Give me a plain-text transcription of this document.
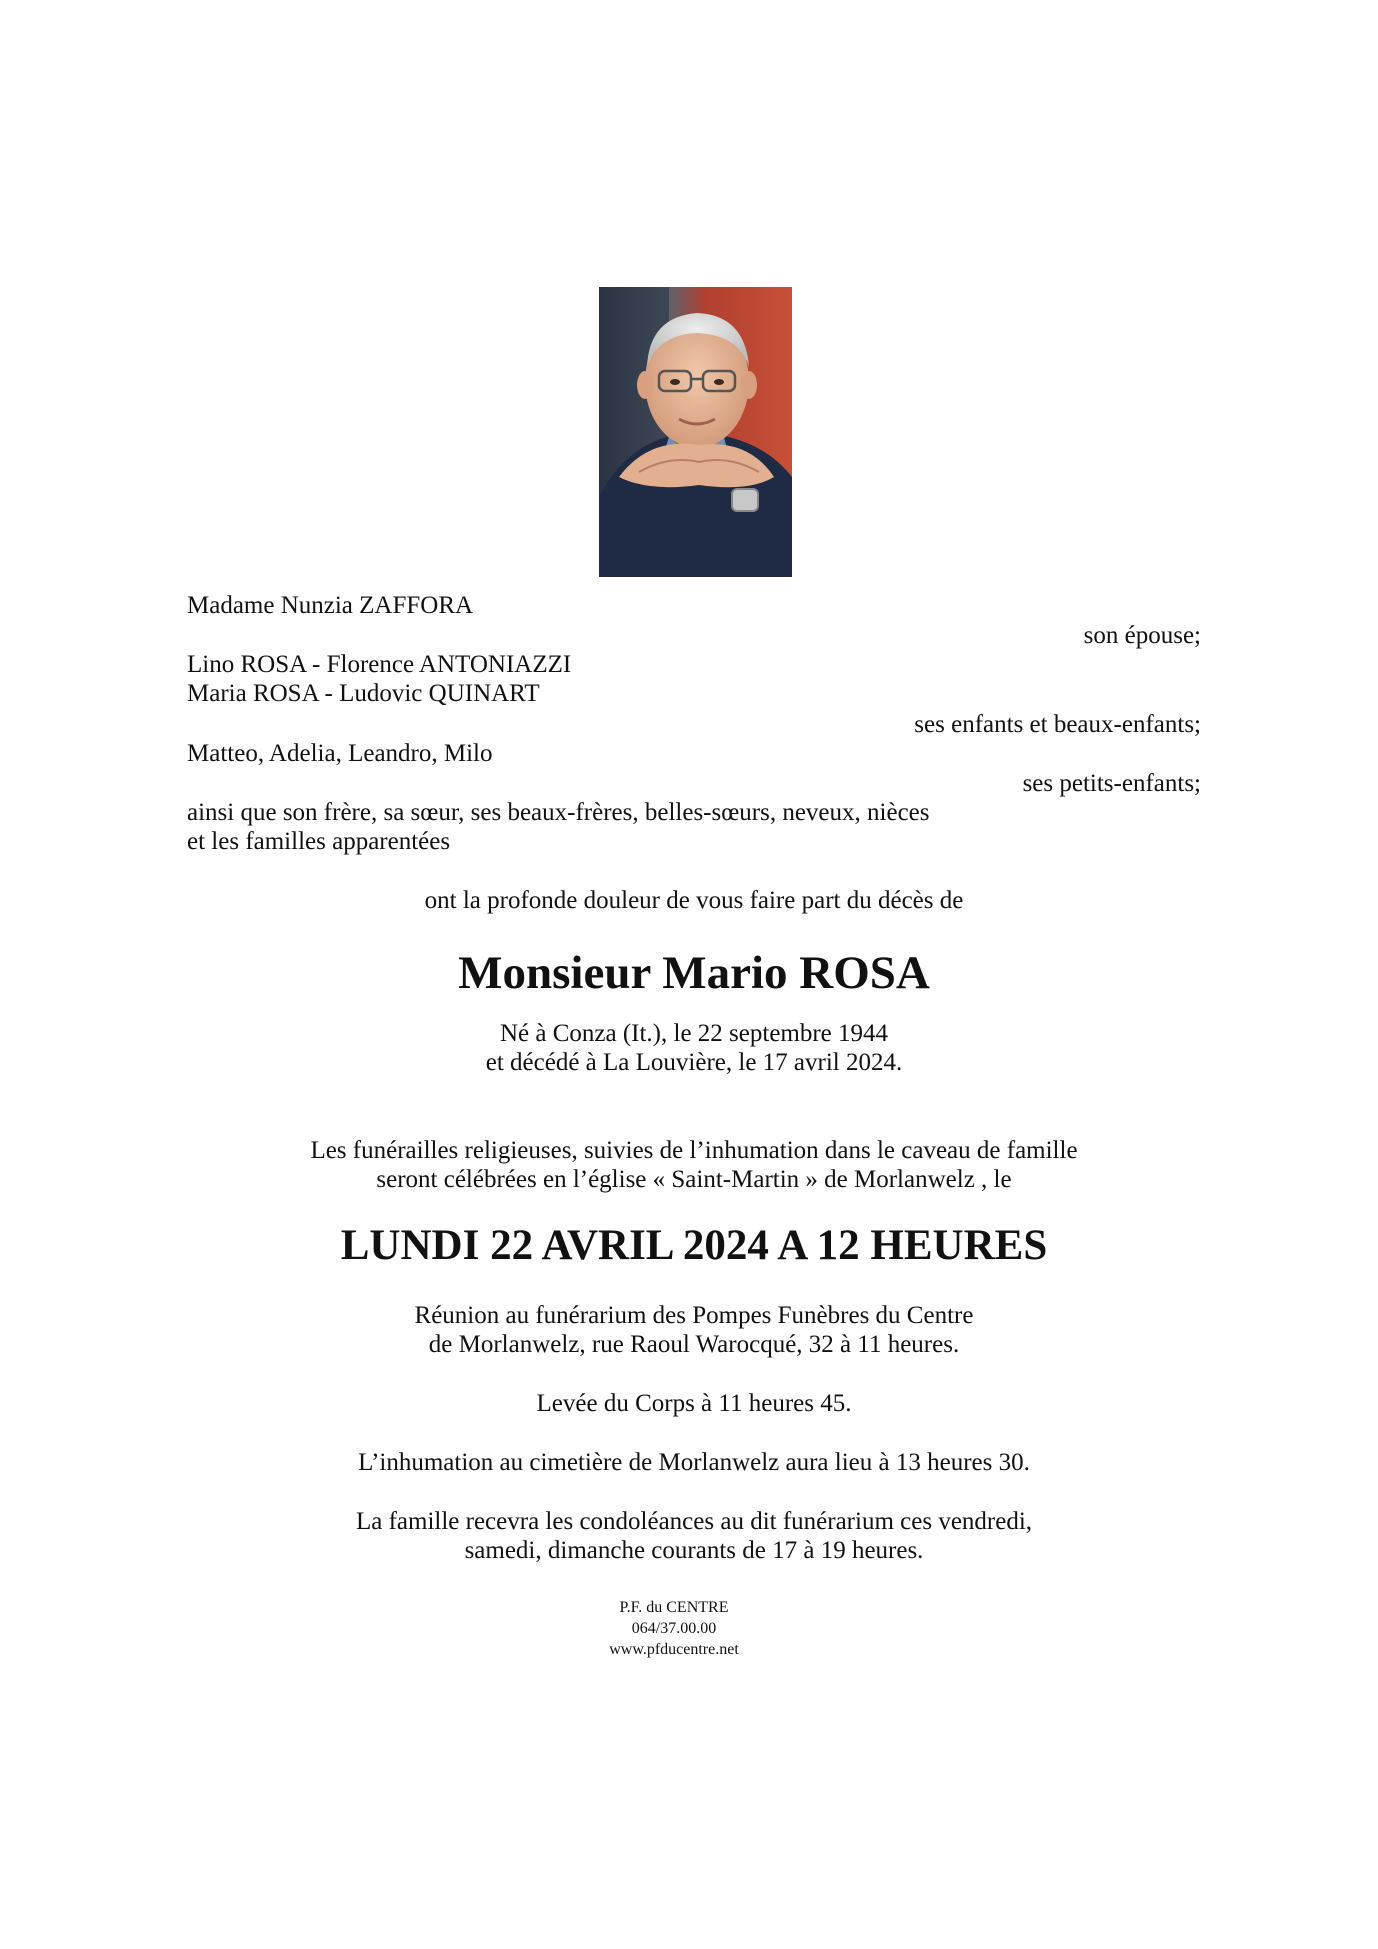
Madame Nunzia ZAFFORA
son épouse;
Lino ROSA - Florence ANTONIAZZI
Maria ROSA - Ludovic QUINART
ses enfants et beaux-enfants;
Matteo, Adelia, Leandro, Milo
ses petits-enfants;
ainsi que son frère, sa sœur, ses beaux-frères, belles-sœurs, neveux, nièces
et les familles apparentées
ont la profonde douleur de vous faire part du décès de
Monsieur Mario ROSA
Né à Conza (It.), le 22 septembre 1944
et décédé à La Louvière, le 17 avril 2024.
Les funérailles religieuses, suivies de l’inhumation dans le caveau de famille
seront célébrées en l’église « Saint-Martin » de Morlanwelz , le
LUNDI 22 AVRIL 2024 A 12 HEURES
Réunion au funérarium des Pompes Funèbres du Centre
de Morlanwelz, rue Raoul Warocqué, 32 à 11 heures.
Levée du Corps à 11 heures 45.
L’inhumation au cimetière de Morlanwelz aura lieu à 13 heures 30.
La famille recevra les condoléances au dit funérarium ces vendredi,
samedi, dimanche courants de 17 à 19 heures.
P.F. du CENTRE
064/37.00.00
www.pfducentre.net
